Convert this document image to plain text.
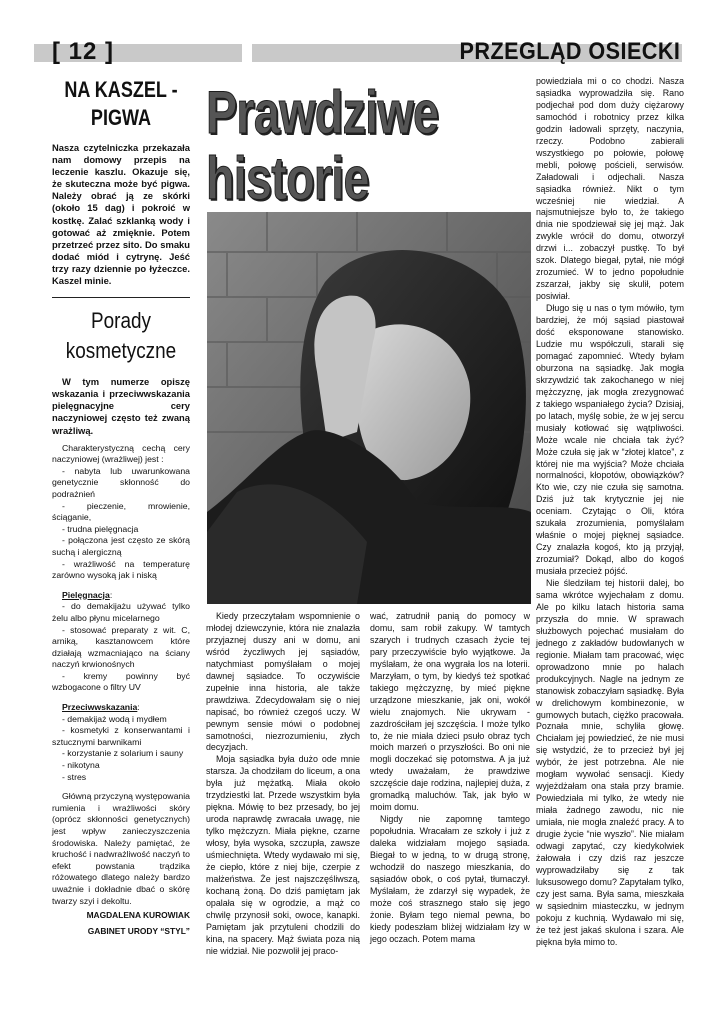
[ 12 ]	PRZEGLĄD OSIECKI
NA KASZEL - PIGWA

Nasza czytelniczka przekazała nam domowy przepis na leczenie kaszlu. Okazuje się, że skuteczna może być pigwa. Należy obrać ją ze skórki (około 15 dag) i pokroić w kostkę. Zalać szklanką wody i gotować aż zmięknie. Potem przetrzeć przez sito. Do smaku dodać miód i cytrynę. Jeść trzy razy dziennie po łyżeczce. Kaszel minie.

Porady kosmetyczne

W tym numerze opiszę wskazania i przeciwwskazania pielęgnacyjne cery naczyniowej często też zwaną wrażliwą.

Charakterystyczną cechą cery naczyniowej (wrażliwej) jest :

- nabyta lub uwarunkowana genetycznie skłonność do podrażnień

- pieczenie, mrowienie, ściąganie,

- trudna pielęgnacja

- połączona jest często ze skórą suchą i alergiczną

- wrażliwość na temperaturę zarówno wysoką jak i niską

Pielęgnacja:

- do demakijażu używać tylko żelu albo płynu micelarnego

- stosować preparaty z wit. C, arniką, kasztanowcem które działają wzmacniająco na ściany naczyń krwionośnych

- kremy powinny być wzbogacone o filtry UV

Przeciwwskazania:

- demakijaż wodą i mydłem

- kosmetyki z konserwantami i sztucznymi barwnikami

- korzystanie z solarium i sauny

- nikotyna

- stres

Główną przyczyną występowania rumienia i wrażliwości skóry (oprócz skłonności genetycznych) jest wpływ zanieczyszczenia środowiska. Należy pamiętać, że kruchość i nadwrażliwość naczyń to efekt powstania trądzika różowatego dlatego należy bardzo uważnie i dokładnie dbać o skórę twarzy szyi i dekoltu.

MAGDALENA KUROWIAK
GABINET URODY “STYL”
Prawdziwe
historie

Kiedy przeczytałam wspomnienie o młodej dziewczynie, która nie znalazła przyjaznej duszy ani w domu, ani wśród życzliwych jej sąsiadów, natychmiast pomyślałam o mojej dawnej sąsiadce. To oczywiście zupełnie inna historia, ale także prawdziwa. Zdecydowałam się o niej napisać, bo również czegoś uczy. W pewnym sensie mówi o podobnej samotności, niezrozumieniu, złych decyzjach.

Moja sąsiadka była dużo ode mnie starsza. Ja chodziłam do liceum, a ona była już mężatką. Miała około trzydziestki lat. Przede wszystkim była piękna. Mówię to bez przesady, bo jej uroda naprawdę zwracała uwagę, nie tylko mężczyzn. Miała piękne, czarne włosy, była wysoka, szczupła, zawsze uśmiechnięta. Wtedy wydawało mi się, że ciepło, które z niej bije, czerpie z małżeństwa. Że jest najszczęśliwszą, kochaną żoną. Do dziś pamiętam jak opalała się w ogrodzie, a mąż co chwilę przynosił soki, owoce, kanapki. Pamiętam jak przytuleni chodzili do kina, na spacery. Mąż świata poza nią nie widział. Nie pozwolił jej praco-

wać, zatrudnił panią do pomocy w domu, sam robił zakupy. W tamtych szarych i trudnych czasach życie tej pary przeczywiście było wyjątkowe. Ja myślałam, że ona wygrała los na loterii. Marzyłam, o tym, by kiedyś też spotkać takiego mężczyznę, by mieć piękne urządzone mieszkanie, jak oni, wokół wielu znajomych. Nie ukrywam - zazdrościłam jej szczęścia. I może tylko to, że nie miała dzieci psuło obraz tych moich marzeń o przyszłości. Bo oni nie mogli doczekać się potomstwa. A ja już wtedy uważałam, że prawdziwe szczęście daje rodzina, najlepiej duża, z gromadką maluchów. Tak, jak było w moim domu.

Nigdy nie zapomnę tamtego popołudnia. Wracałam ze szkoły i już z daleka widziałam mojego sąsiada. Biegał to w jedną, to w drugą stronę, wchodził do naszego mieszkania, do sąsiadów obok, o coś pytał, tłumaczył. Myślałam, że zdarzył się wypadek, że może coś strasznego stało się jego żonie. Byłam tego niemal pewna, bo kiedy podeszłam bliżej widziałam łzy w jego oczach. Potem mama

powiedziała mi o co chodzi. Nasza sąsiadka wyprowadziła się. Rano podjechał pod dom duży ciężarowy samochód i robotnicy przez kilka godzin ładowali sprzęty, naczynia, rzeczy. Podobno zabierali wszystkiego po połowie, połowę mebli, połowę pościeli, serwisów. Załadowali i odjechali. Nasza sąsiadka również. Nikt o tym wcześniej nie wiedział. A najsmutniejsze było to, że takiego dnia nie spodziewał się jej mąż. Jak zwykle wrócił do domu, otworzył drzwi i... zobaczył pustkę. To był szok. Dlatego biegał, pytał, nie mógł zrozumieć. W to jedno popołudnie zszarzał, jakby się skulił, potem posiwiał.

Długo się u nas o tym mówiło, tym bardziej, że mój sąsiad piastował dość eksponowane stanowisko. Ludzie mu współczuli, starali się pomagać zapomnieć. Wtedy byłam oburzona na sąsiadkę. Jak mogła skrzywdzić tak zakochanego w niej mężczyznę, jak mogła zrezygnować z takiego wspaniałego życia? Dzisiaj, po latach, myślę sobie, że w jej sercu musiały kotłować się wątpliwości. Może wcale nie chciała tak żyć? Może czuła się jak w “złotej klatce”, z której nie ma wyjścia? Może chciała normalności, kłopotów, obowiązków? Kto wie, czy nie czuła się samotna. Dziś już tak krytycznie jej nie oceniam. Czytając o Oli, która szukała zrozumienia, pomyślałam właśnie o mojej pięknej sąsiadce. Czy znalazła kogoś, kto ją przyjął, zrozumiał? Dokąd, albo do kogoś musiała przecież pójść.

Nie śledziłam tej historii dalej, bo sama wkrótce wyjechałam z domu. Ale po kilku latach historia sama przyszła do mnie. W sprawach służbowych pojechać musiałam do jednego z zakładów budowlanych w regionie. Miałam tam pracować, więc oprowadzono mnie po halach produkcyjnych. Nagle na jednym ze stanowisk zobaczyłam sąsiadkę. Była w drelichowym kombinezonie, w gumowych butach, ciężko pracowała. Poznała mnie, schyliła głowę. Chciałam jej powiedzieć, że nie musi się wstydzić, że to przecież był jej wybór, że jest potrzebna. Ale nie mogłam wywołać sensacji. Kiedy wyjeżdżałam ona stała przy bramie. Powiedziała mi tylko, że wtedy nie miała żadnego zawodu, nic nie umiała, nie mogła znaleźć pracy. A to drugie życie “nie wyszło”. Nie miałam odwagi zapytać, czy kiedykolwiek żałowała i czy dziś raz jeszcze wyprowadziłaby się z tak luksusowego domu? Zapytałam tylko, czy jest sama. Była sama, mieszkała w sąsiednim miasteczku, w jednym pokoju z kuchnią. Wydawało mi się, że też jest jakaś skulona i szara. Ale piękna była mimo to.
